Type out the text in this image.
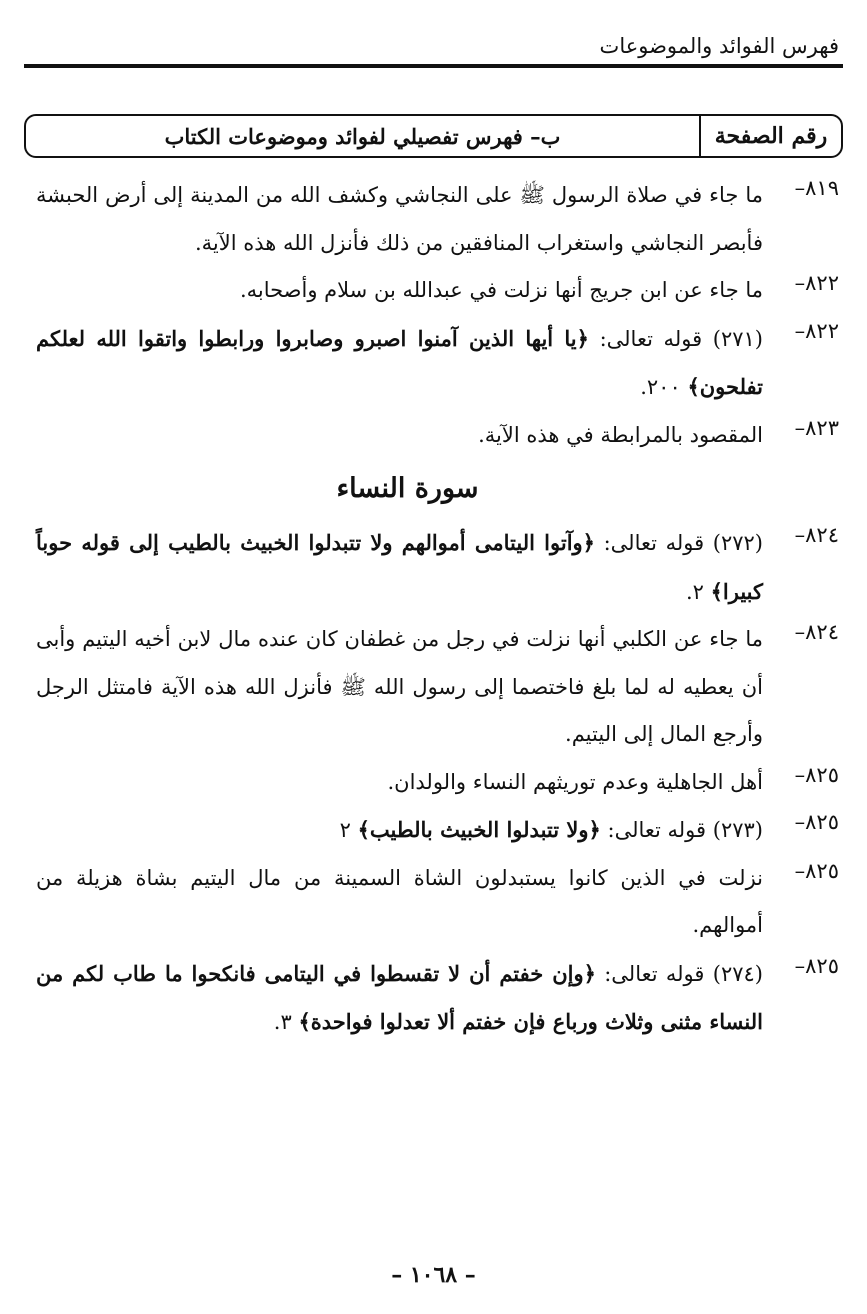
فهرس الفوائد والموضوعات
رقم الصفحة
ب– فهرس تفصيلي لفوائد وموضوعات الكتاب
٨١٩–
ما جاء في صلاة الرسول ﷺ على النجاشي وكشف الله من المدينة إلى أرض الحبشة فأبصر النجاشي واستغراب المنافقين من ذلك فأنزل الله هذه الآية.
٨٢٢–
ما جاء عن ابن جريج أنها نزلت في عبدالله بن سلام وأصحابه.
٨٢٢–
(٢٧١) قوله تعالى: ﴿يا أيها الذين آمنوا اصبرو وصابروا ورابطوا واتقوا الله لعلكم تفلحون﴾ ٢٠٠.
٨٢٣–
المقصود بالمرابطة في هذه الآية.
سورة النساء
٨٢٤–
(٢٧٢) قوله تعالى: ﴿وآتوا اليتامى أموالهم ولا تتبدلوا الخبيث بالطيب إلى قوله حوباً كبيرا﴾ ٢.
٨٢٤–
ما جاء عن الكلبي أنها نزلت في رجل من غطفان كان عنده مال لابن أخيه اليتيم وأبى أن يعطيه له لما بلغ فاختصما إلى رسول الله ﷺ فأنزل الله هذه الآية فامتثل الرجل وأرجع المال إلى اليتيم.
٨٢٥–
أهل الجاهلية وعدم توريثهم النساء والولدان.
٨٢٥–
(٢٧٣) قوله تعالى: ﴿ولا تتبدلوا الخبيث بالطيب﴾ ٢
٨٢٥–
نزلت في الذين كانوا يستبدلون الشاة السمينة من مال اليتيم بشاة هزيلة من أموالهم.
٨٢٥–
(٢٧٤) قوله تعالى: ﴿وإن خفتم أن لا تقسطوا في اليتامى فانكحوا ما طاب لكم من النساء مثنى وثلاث ورباع فإن خفتم ألا تعدلوا فواحدة﴾ ٣.
– ١٠٦٨ –
